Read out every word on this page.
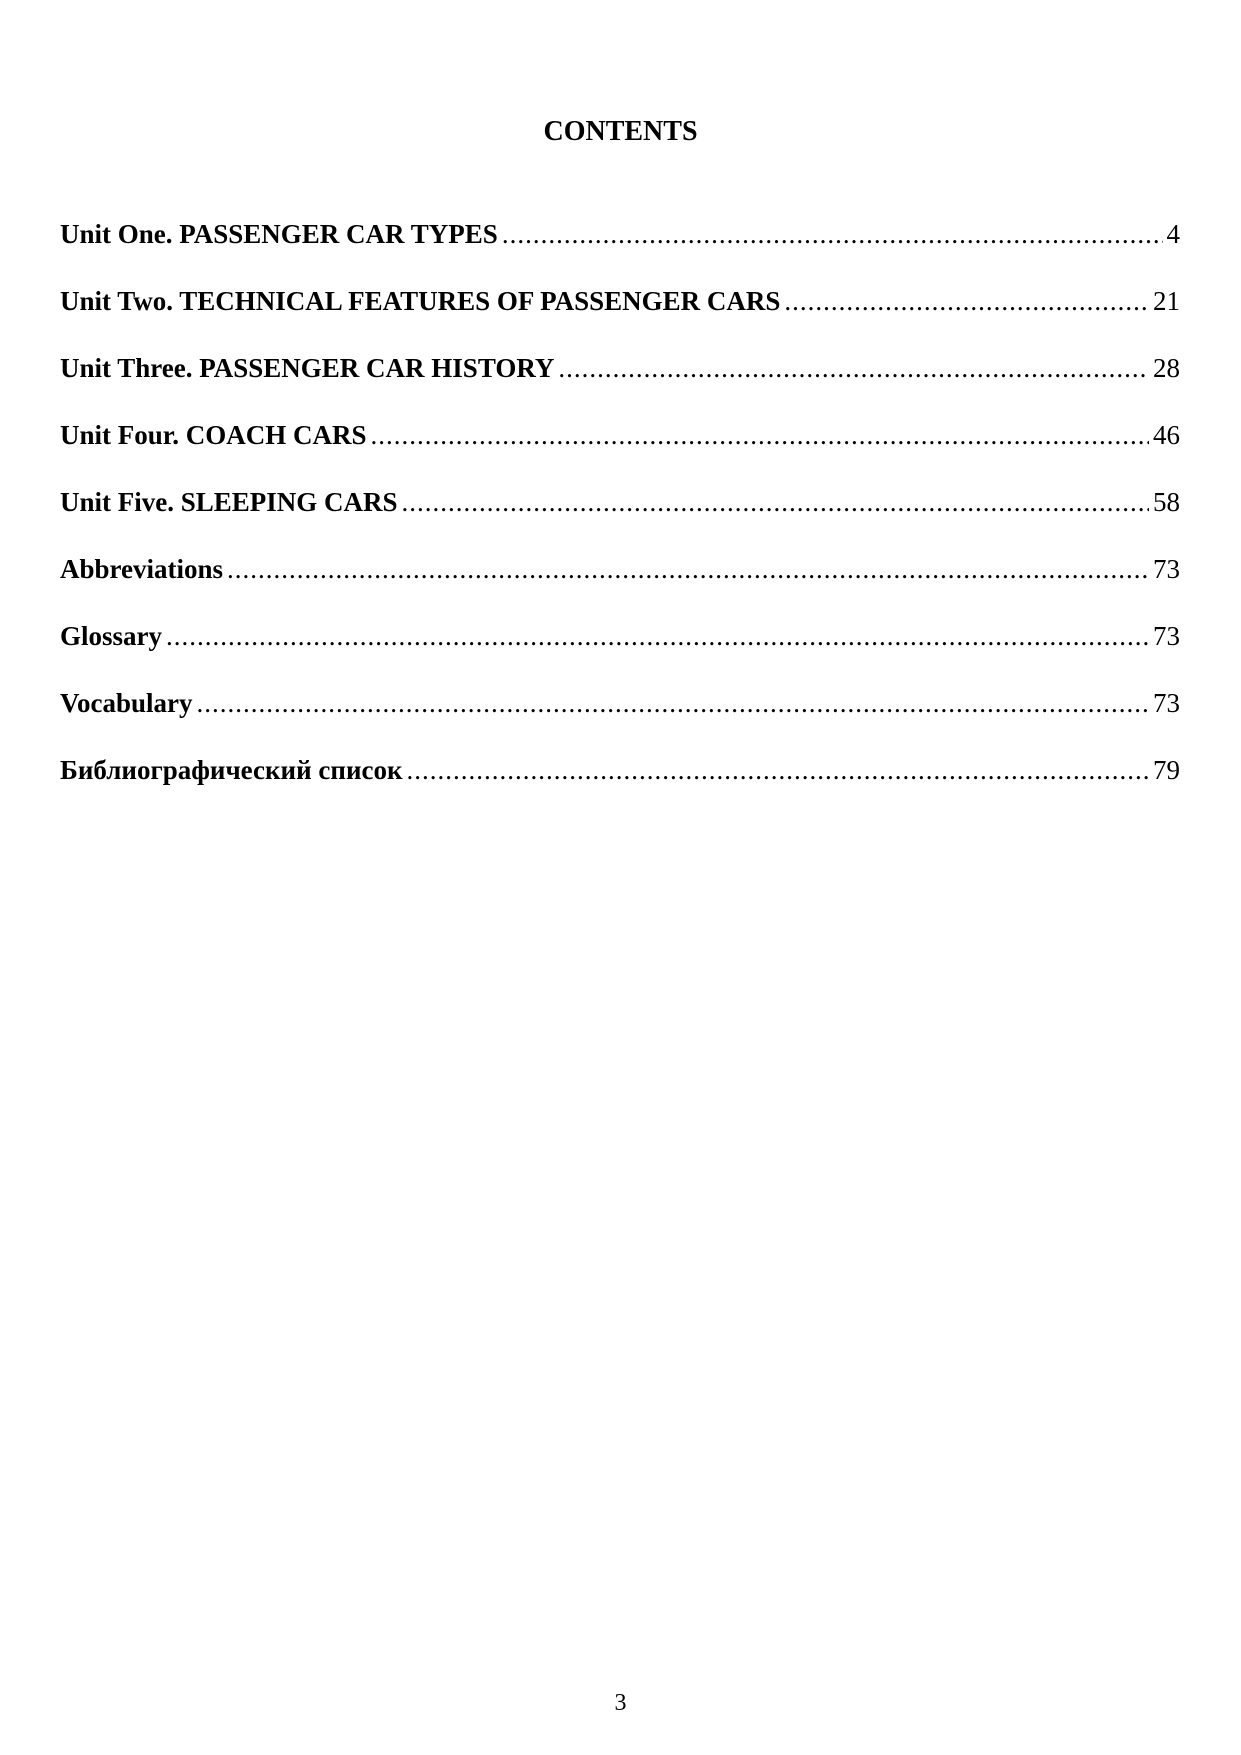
CONTENTS
Unit One. PASSENGER CAR TYPES .....	4
Unit Two. TECHNICAL FEATURES OF PASSENGER CARS .....	21
Unit Three. PASSENGER CAR HISTORY .....	28
Unit Four. COACH CARS .....	46
Unit Five. SLEEPING CARS .....	58
Abbreviations .....	73
Glossary .....	73
Vocabulary .....	73
Библиографический список .....	79
3
